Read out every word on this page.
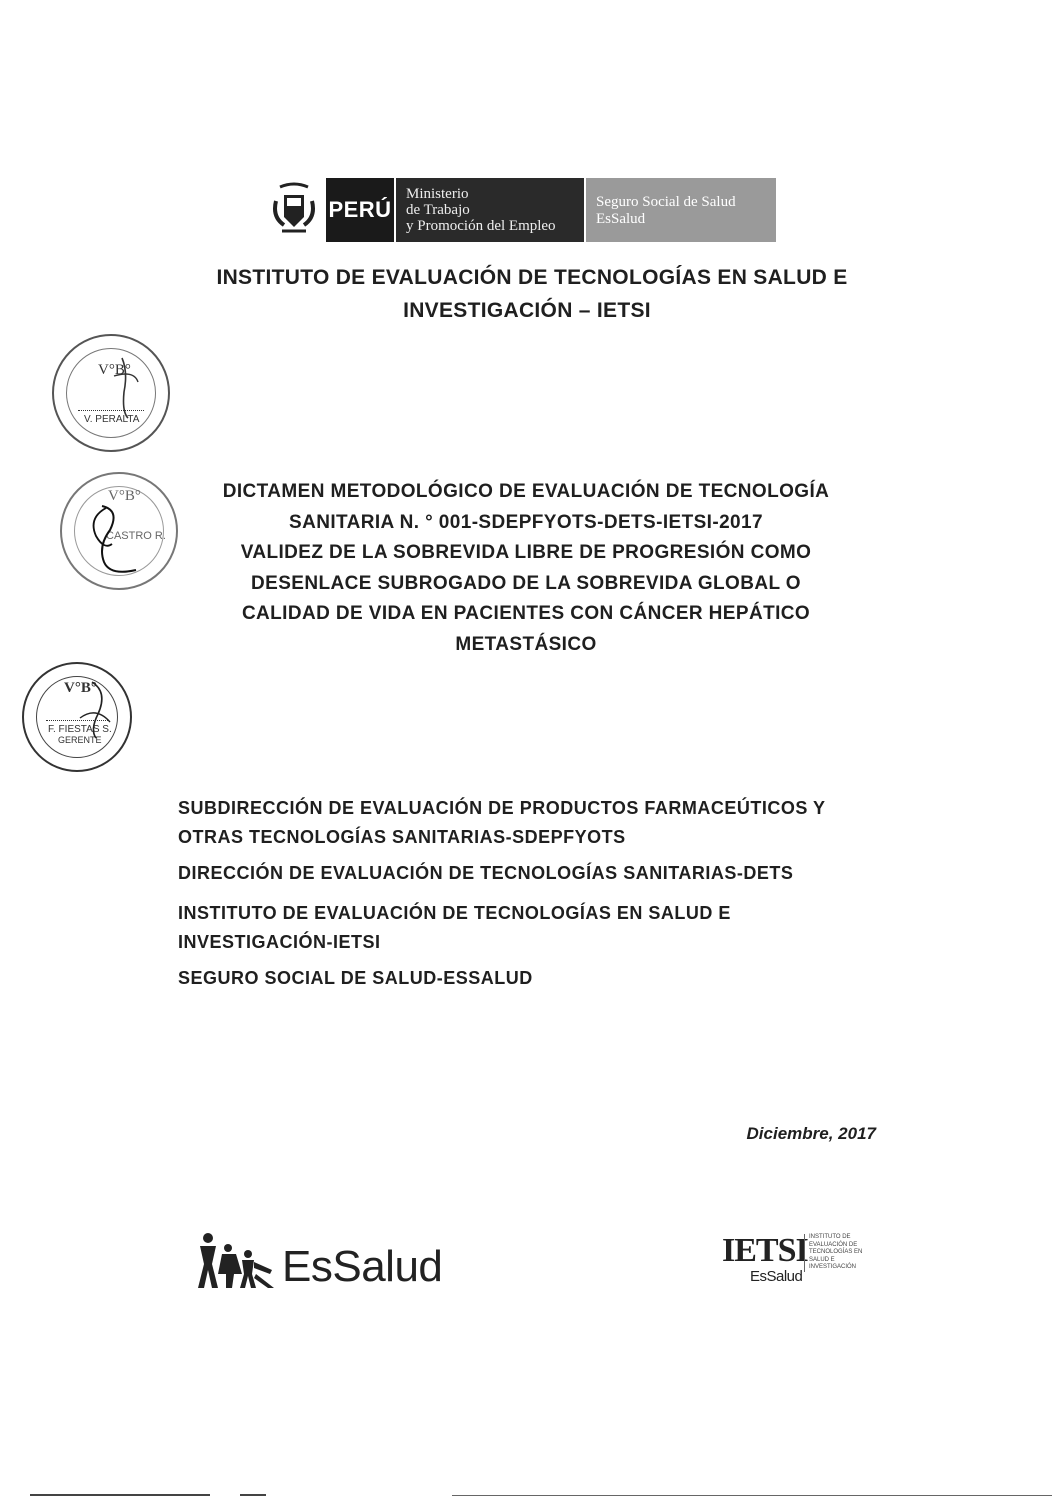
PERÚ
Ministerio
de Trabajo
y Promoción del Empleo
Seguro Social de Salud
EsSalud
INSTITUTO DE EVALUACIÓN DE TECNOLOGÍAS EN SALUD E
INVESTIGACIÓN – IETSI
V°B°
V. PERALTA
V°B°
CASTRO R.
V°B°
F. FIESTAS S.
GERENTE
DICTAMEN METODOLÓGICO DE EVALUACIÓN DE TECNOLOGÍA
SANITARIA N. ° 001-SDEPFYOTS-DETS-IETSI-2017
VALIDEZ DE LA SOBREVIDA LIBRE DE PROGRESIÓN COMO
DESENLACE SUBROGADO DE LA SOBREVIDA GLOBAL O
CALIDAD DE VIDA EN PACIENTES CON CÁNCER HEPÁTICO
METASTÁSICO
SUBDIRECCIÓN DE EVALUACIÓN DE PRODUCTOS FARMACEÚTICOS Y
OTRAS TECNOLOGÍAS SANITARIAS-SDEPFYOTS
DIRECCIÓN DE EVALUACIÓN DE TECNOLOGÍAS SANITARIAS-DETS
INSTITUTO DE EVALUACIÓN DE TECNOLOGÍAS EN SALUD E
INVESTIGACIÓN-IETSI
SEGURO SOCIAL DE SALUD-ESSALUD
Diciembre, 2017
EsSalud	IETSI
EsSalud
INSTITUTO DE
EVALUACIÓN DE
TECNOLOGÍAS EN
SALUD E
INVESTIGACIÓN
